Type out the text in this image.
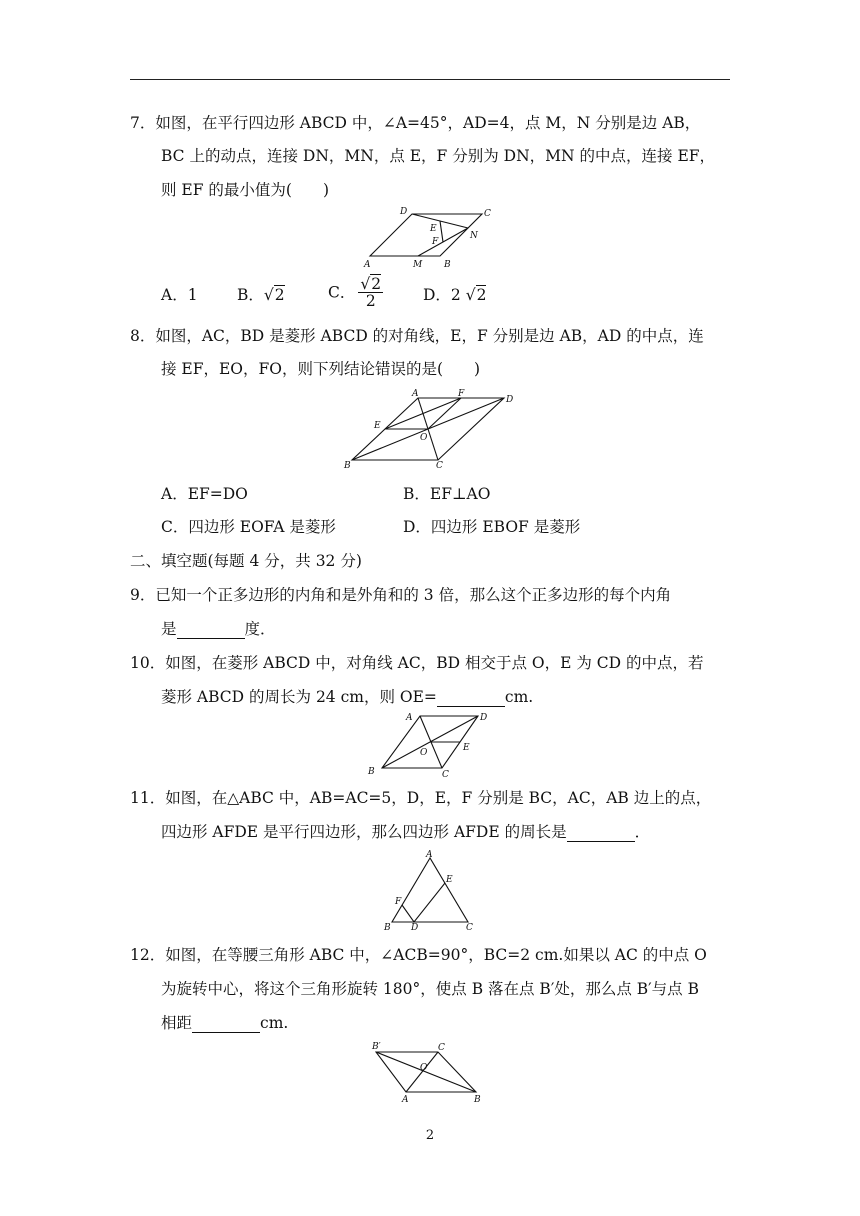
7．如图，在平行四边形 ABCD 中，∠A=45°，AD=4，点 M，N 分别是边 AB，
BC 上的动点，连接 DN，MN，点 E，F 分别为 DN，MN 的中点，连接 EF，
则 EF 的最小值为(　　)
D	C
E
N
F
A	M B
A．1	B．√2	C． $\frac{√2}{2}$	D．2 √2
8．如图，AC，BD 是菱形 ABCD 的对角线，E，F 分别是边 AB，AD 的中点，连
接 EF，EO，FO，则下列结论错误的是(　　)
A	F
D
E
O
B	C
A．EF=DO	B．EF⊥AO
C．四边形 EOFA 是菱形	D．四边形 EBOF 是菱形
二、填空题(每题 4 分，共 32 分)
9．已知一个正多边形的内角和是外角和的 3 倍，那么这个正多边形的每个内角
是	度．
10．如图，在菱形 ABCD 中，对角线 AC，BD 相交于点 O，E 为 CD 的中点，若
菱形 ABCD 的周长为 24 cm，则 OE=	cm.
A	D
O	E
B	C
11．如图，在△ABC 中，AB=AC=5，D，E，F 分别是 BC，AC，AB 边上的点，
四边形 AFDE 是平行四边形，那么四边形 AFDE 的周长是	．
A
E
F
B D	C
12．如图，在等腰三角形 ABC 中，∠ACB=90°，BC=2 cm.如果以 AC 的中点 O
为旋转中心，将这个三角形旋转 180°，使点 B 落在点 B′处，那么点 B′与点 B
相距	cm.
B′	C
O
A	B
2
